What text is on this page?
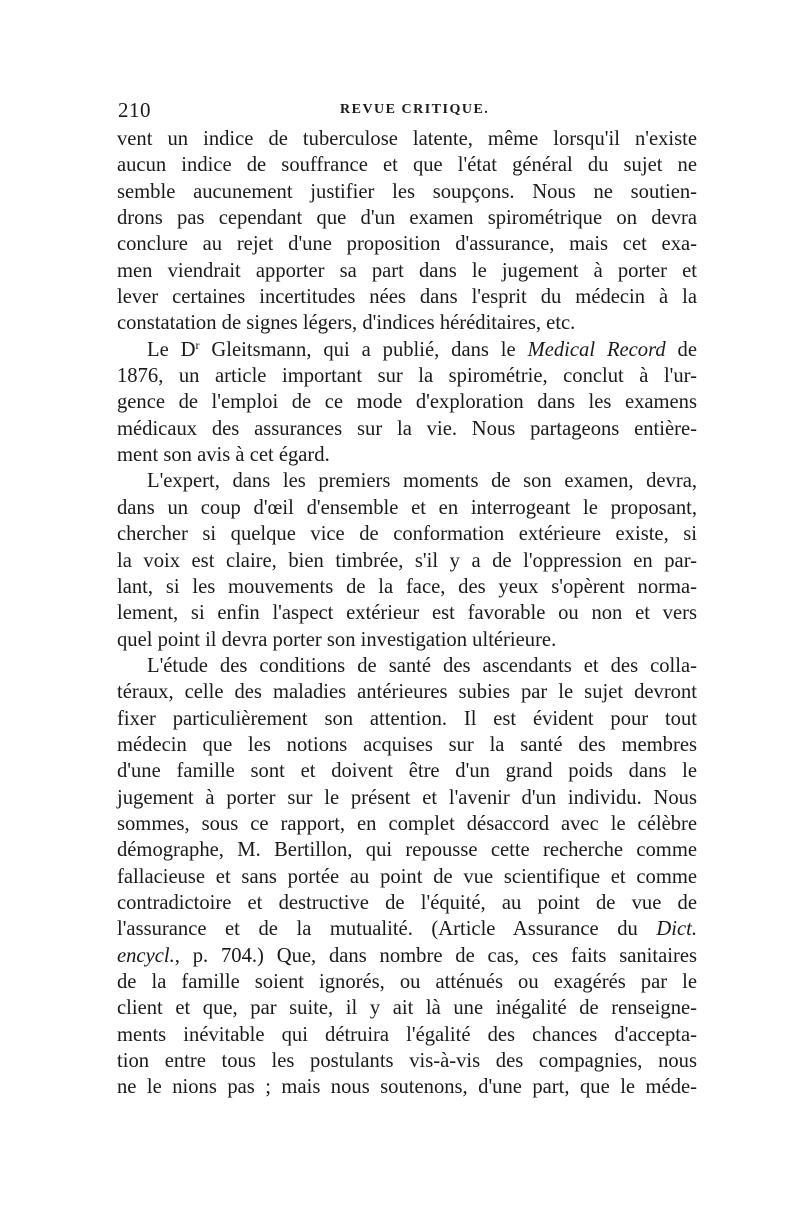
210	REVUE CRITIQUE.
vent un indice de tuberculose latente, même lorsqu'il n'existe
aucun indice de souffrance et que l'état général du sujet ne
semble aucunement justifier les soupçons. Nous ne soutien-
drons pas cependant que d'un examen spirométrique on devra
conclure au rejet d'une proposition d'assurance, mais cet exa-
men viendrait apporter sa part dans le jugement à porter et
lever certaines incertitudes nées dans l'esprit du médecin à la
constatation de signes légers, d'indices héréditaires, etc.
Le $D^r$ Gleitsmann, qui a publié, dans le Medical Record de
1876, un article important sur la spirométrie, conclut à l'ur-
gence de l'emploi de ce mode d'exploration dans les examens
médicaux des assurances sur la vie. Nous partageons entière-
ment son avis à cet égard.
L'expert, dans les premiers moments de son examen, devra,
dans un coup d'œil d'ensemble et en interrogeant le proposant,
chercher si quelque vice de conformation extérieure existe, si
la voix est claire, bien timbrée, s'il y a de l'oppression en par-
lant, si les mouvements de la face, des yeux s'opèrent norma-
lement, si enfin l'aspect extérieur est favorable ou non et vers
quel point il devra porter son investigation ultérieure.
L'étude des conditions de santé des ascendants et des colla-
téraux, celle des maladies antérieures subies par le sujet devront
fixer particulièrement son attention. Il est évident pour tout
médecin que les notions acquises sur la santé des membres
d'une famille sont et doivent être d'un grand poids dans le
jugement à porter sur le présent et l'avenir d'un individu. Nous
sommes, sous ce rapport, en complet désaccord avec le célèbre
démographe, M. Bertillon, qui repousse cette recherche comme
fallacieuse et sans portée au point de vue scientifique et comme
contradictoire et destructive de l'équité, au point de vue de
l'assurance et de la mutualité. (Article Assurance du Dict.
encycl., p. 704.) Que, dans nombre de cas, ces faits sanitaires
de la famille soient ignorés, ou atténués ou exagérés par le
client et que, par suite, il y ait là une inégalité de renseigne-
ments inévitable qui détruira l'égalité des chances d'accepta-
tion entre tous les postulants vis-à-vis des compagnies, nous
ne le nions pas ; mais nous soutenons, d'une part, que le méde-
